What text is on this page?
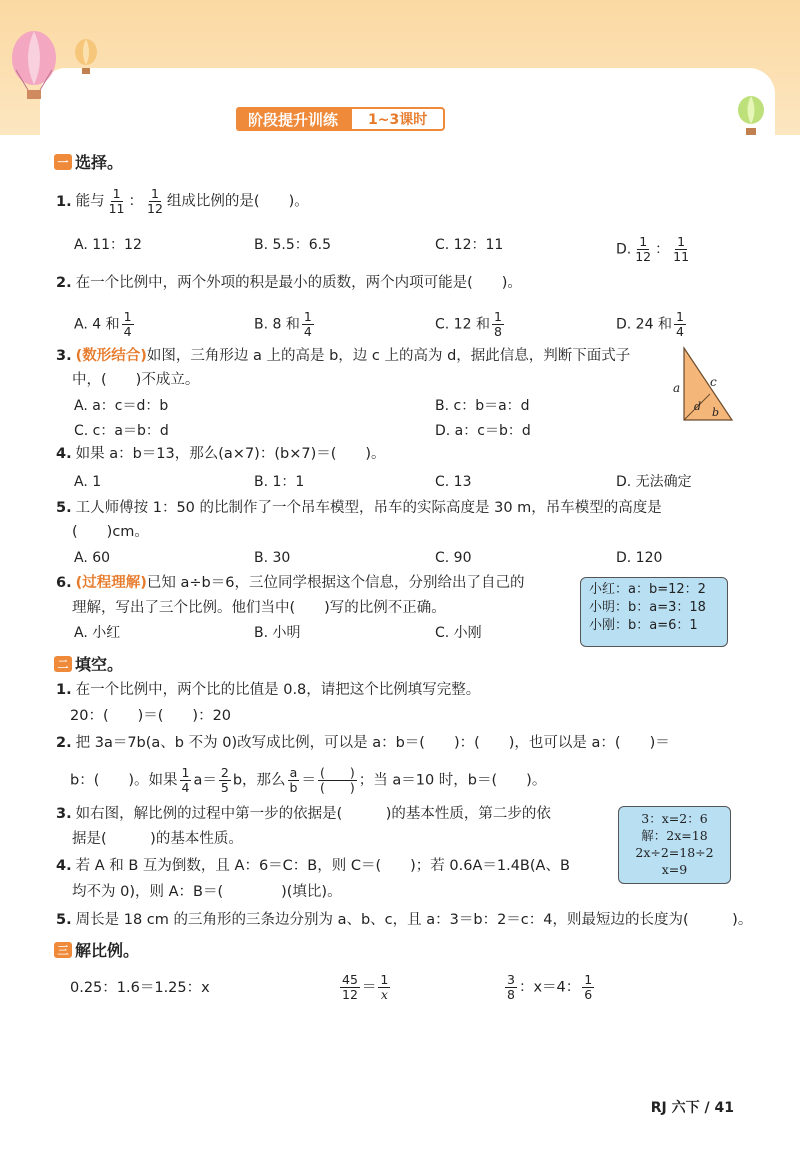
阶段提升训练	1~3课时
一 选择。
1. 能与 $\frac{1}{11}$ ： $\frac{1}{12}$ 组成比例的是(　　)。
A. 11：12	B. 5.5：6.5	C. 12：11	D. $\frac{1}{12}$ ： $\frac{1}{11}$
2. 在一个比例中，两个外项的积是最小的质数，两个内项可能是(　　)。
A. 4 和 $\frac{1}{4}$	B. 8 和 $\frac{1}{4}$	C. 12 和 $\frac{1}{8}$	D. 24 和 $\frac{1}{4}$
3. (数形结合)如图，三角形边 a 上的高是 b，边 c 上的高为 d，据此信息，判断下面式子
中，(　　)不成立。
A. a：c＝d：b	B. c：b＝a：d
C. c：a＝b：d	D. a：c＝b：d
a c
d b
4. 如果 a：b＝13，那么(a×7)：(b×7)＝(　　)。
A. 1	B. 1：1	C. 13	D. 无法确定
5. 工人师傅按 1：50 的比制作了一个吊车模型，吊车的实际高度是 30 m，吊车模型的高度是
(　　)cm。
A. 60	B. 30	C. 90	D. 120
6. (过程理解)已知 a÷b＝6，三位同学根据这个信息，分别给出了自己的
理解，写出了三个比例。他们当中(　　)写的比例不正确。
A. 小红	B. 小明	C. 小刚
小红：a：b=12：2
小明：b：a=3：18
小刚：b：a=6：1
二 填空。
1. 在一个比例中，两个比的比值是 0.8，请把这个比例填写完整。
20：(　　)＝(　　)：20
2. 把 3a＝7b(a、b 不为 0)改写成比例，可以是 a：b＝(　　)：(　　)，也可以是 a：(　　)＝
b：(　　)。如果 $\frac{1}{4} a= \frac{2}{5}$ b，那么 $\frac{a}{b} = \frac{( )}{( )}$ ；当 a＝10 时，b＝(　　)。
3. 如右图，解比例的过程中第一步的依据是(　　　)的基本性质，第二步的依
据是(　　　)的基本性质。
3：x=2：6
解：2x=18
2x÷2=18÷2
x=9
4. 若 A 和 B 互为倒数，且 A：6＝C：B，则 C＝(　　)；若 0.6A＝1.4B(A、B
均不为 0)，则 A：B＝(　　　　)(填比)。
5. 周长是 18 cm 的三角形的三条边分别为 a、b、c，且 a：3＝b：2＝c：4，则最短边的长度为(　　　)。
三 解比例。
0.25：1.6＝1.25：x	$\frac{45}{12} = \frac{1}{x}$	$\frac{3}{8}$ ：x＝4： $\frac{1}{6}$
RJ 六下 / 41
